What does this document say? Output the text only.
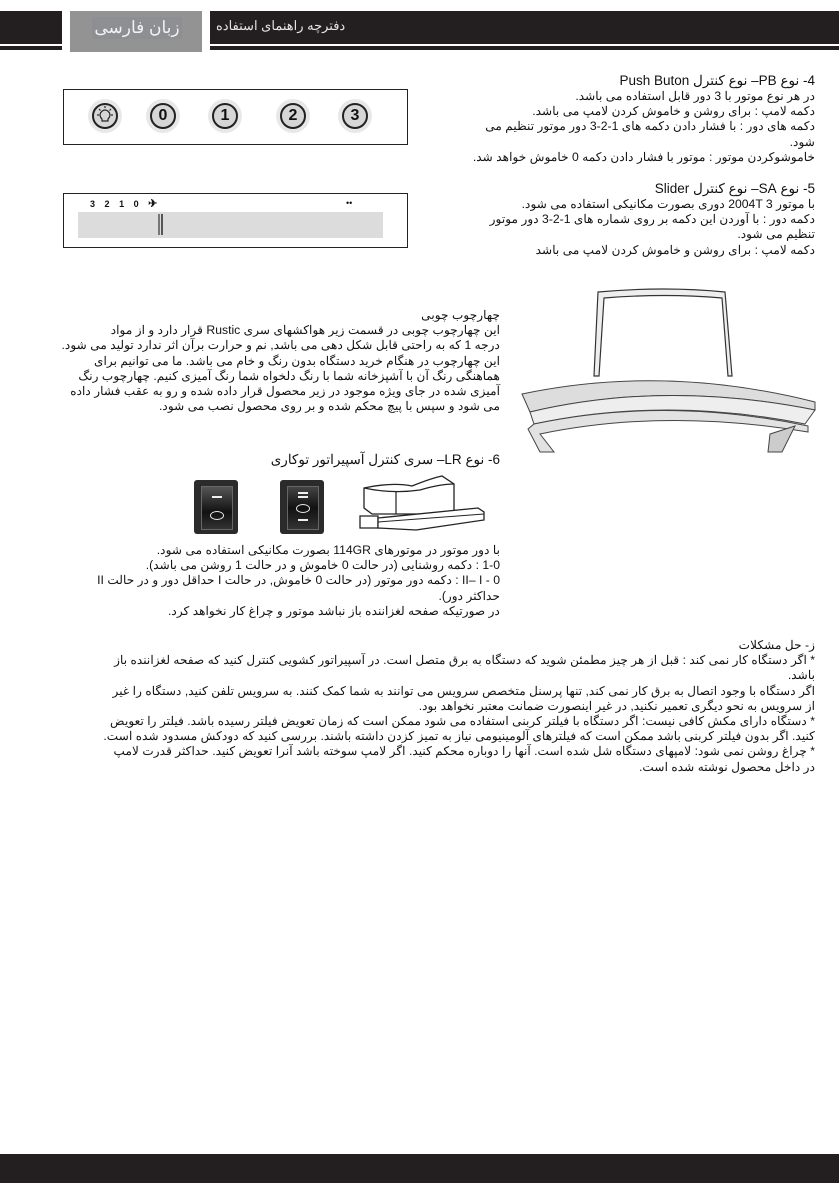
زبان فارسی	دفترچه راهنمای استفاده
0	1	2	3
3 2 1 0 ✈	••

4- نوع PB– نوع کنترل Push Buton

در هر نوع موتور با 3 دور قابل استفاده می باشد.

دکمه لامپ : برای روشن و خاموش کردن لامپ می باشد.

دکمه های دور : با فشار دادن دکمه های 1-2-3 دور موتور تنظیم می

شود.

خاموشوکردن موتور : موتور با فشار دادن دکمه 0 خاموش خواهد شد.

5- نوع SA– نوع کنترل Slider

با موتور 2004T 3 دوری بصورت مکانیکی استفاده می شود.

دکمه دور : با آوردن این دکمه بر روی شماره های 1-2-3 دور موتور

تنظیم می شود.

دکمه لامپ : برای روشن و خاموش کردن لامپ می باشد

چهارچوب چوبی

این چهارچوب چوبی در قسمت زیر هواکشهای سری Rustic قرار دارد و از مواد

درجه 1 که به راحتی قابل شکل دهی می باشد, نم و حرارت برآن اثر ندارد تولید می شود.

این چهارچوب در هنگام خرید دستگاه بدون رنگ و خام می باشد. ما می توانیم برای

هماهنگی رنگ آن با آشپزخانه شما با رنگ دلخواه شما رنگ آمیزی کنیم. چهارچوب رنگ

آمیزی شده در جای ویژه موجود در زیر محصول قرار داده شده و رو به عقب فشار داده

می شود و سپس با پیچ محکم شده و بر روی محصول نصب می شود.

6- نوع LR– سری کنترل آسپیراتور توکاری

با دور موتور در موتورهای 114GR بصورت مکانیکی استفاده می شود.

1-0 : دکمه روشنایی (در حالت 0 خاموش و در حالت 1 روشن می باشد).

0 - II– I : دکمه دور موتور (در حالت 0 خاموش, در حالت I حداقل دور و در حالت II

حداکثر دور).

در صورتیکه صفحه لغزاننده باز نباشد موتور و چراغ کار نخواهد کرد.

ز- حل مشکلات

* اگر دستگاه کار نمی کند : قبل از هر چیز مطمئن شوید که دستگاه به برق متصل است. در آسپیراتور کشویی کنترل کنید که صفحه لغزاننده باز

باشد.

اگر دستگاه با وجود اتصال به برق کار نمی کند, تنها پرسنل متخصص سرویس می توانند به شما کمک کنند. به سرویس تلفن کنید, دستگاه را غیر

از سرویس به نحو دیگری تعمیر نکنید, در غیر اینصورت ضمانت معتبر نخواهد بود.

* دستگاه دارای مکش کافی نیست: اگر دستگاه با فیلتر کربنی استفاده می شود ممکن است که زمان تعویض فیلتر رسیده باشد. فیلتر را تعویض

کنید. اگر بدون فیلتر کربنی باشد ممکن است که فیلترهای آلومینیومی نیاز به تمیز کزدن داشته باشند. بررسی کنید که دودکش مسدود شده است.

* چراغ روشن نمی شود: لامپهای دستگاه شل شده است. آنها را دوباره محکم کنید. اگر لامپ سوخته باشد آنرا تعویض کنید. حداکثر قدرت لامپ

در داخل محصول نوشته شده است.
